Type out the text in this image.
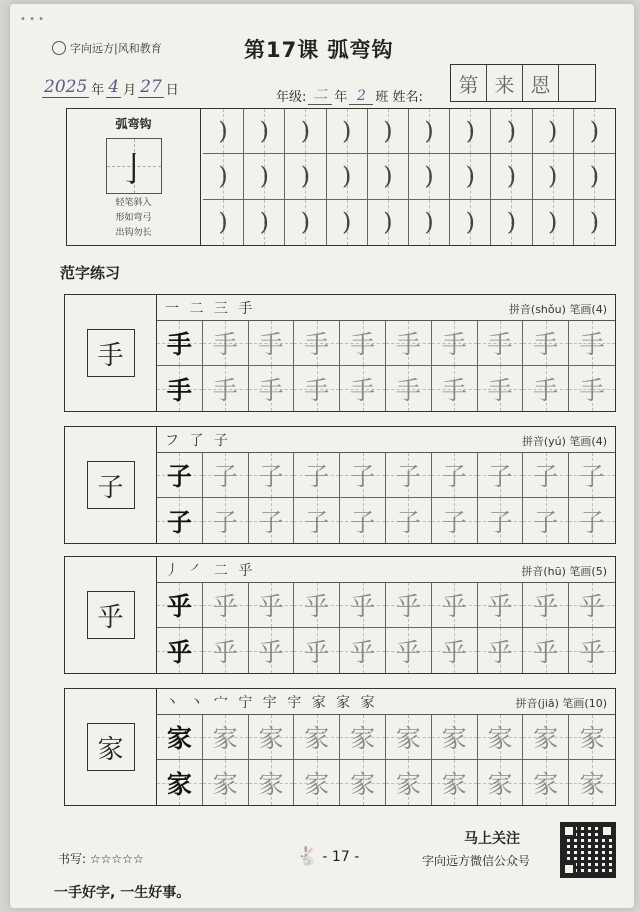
• • •
字向远方|风和教育	第17课 弧弯钩
2025 年 4 月 27 日	年级: 二 年 2 班 姓名:
第 来 恩
弧弯钩
亅
轻笔斜入
形如弯弓
出钩勿长
) ) ) ) ) ) ) ) ) )
) ) ) ) ) ) ) ) ) )
) ) ) ) ) ) ) ) ) )
范字练习
手
一 二 三 手	拼音(shǒu) 笔画(4)
手 手 手 手 手 手 手 手 手 手
手 手 手 手 手 手 手 手 手 手
子
フ 了 子	拼音(yú) 笔画(4)
子 子 子 子 子 子 子 子 子 子
子 子 子 子 子 子 子 子 子 子
乎
丿 ㇒ 二 乎	拼音(hū) 笔画(5)
乎 乎 乎 乎 乎 乎 乎 乎 乎 乎
乎 乎 乎 乎 乎 乎 乎 乎 乎 乎
家
丶 丶 宀 宁 宇 宇 家 家 家	拼音(jiā) 笔画(10)
家 家 家 家 家 家 家 家 家 家
家 家 家 家 家 家 家 家 家 家
书写: ☆☆☆☆☆	🐇 - 17 -
马上关注
字向远方微信公众号
一手好字, 一生好事。
